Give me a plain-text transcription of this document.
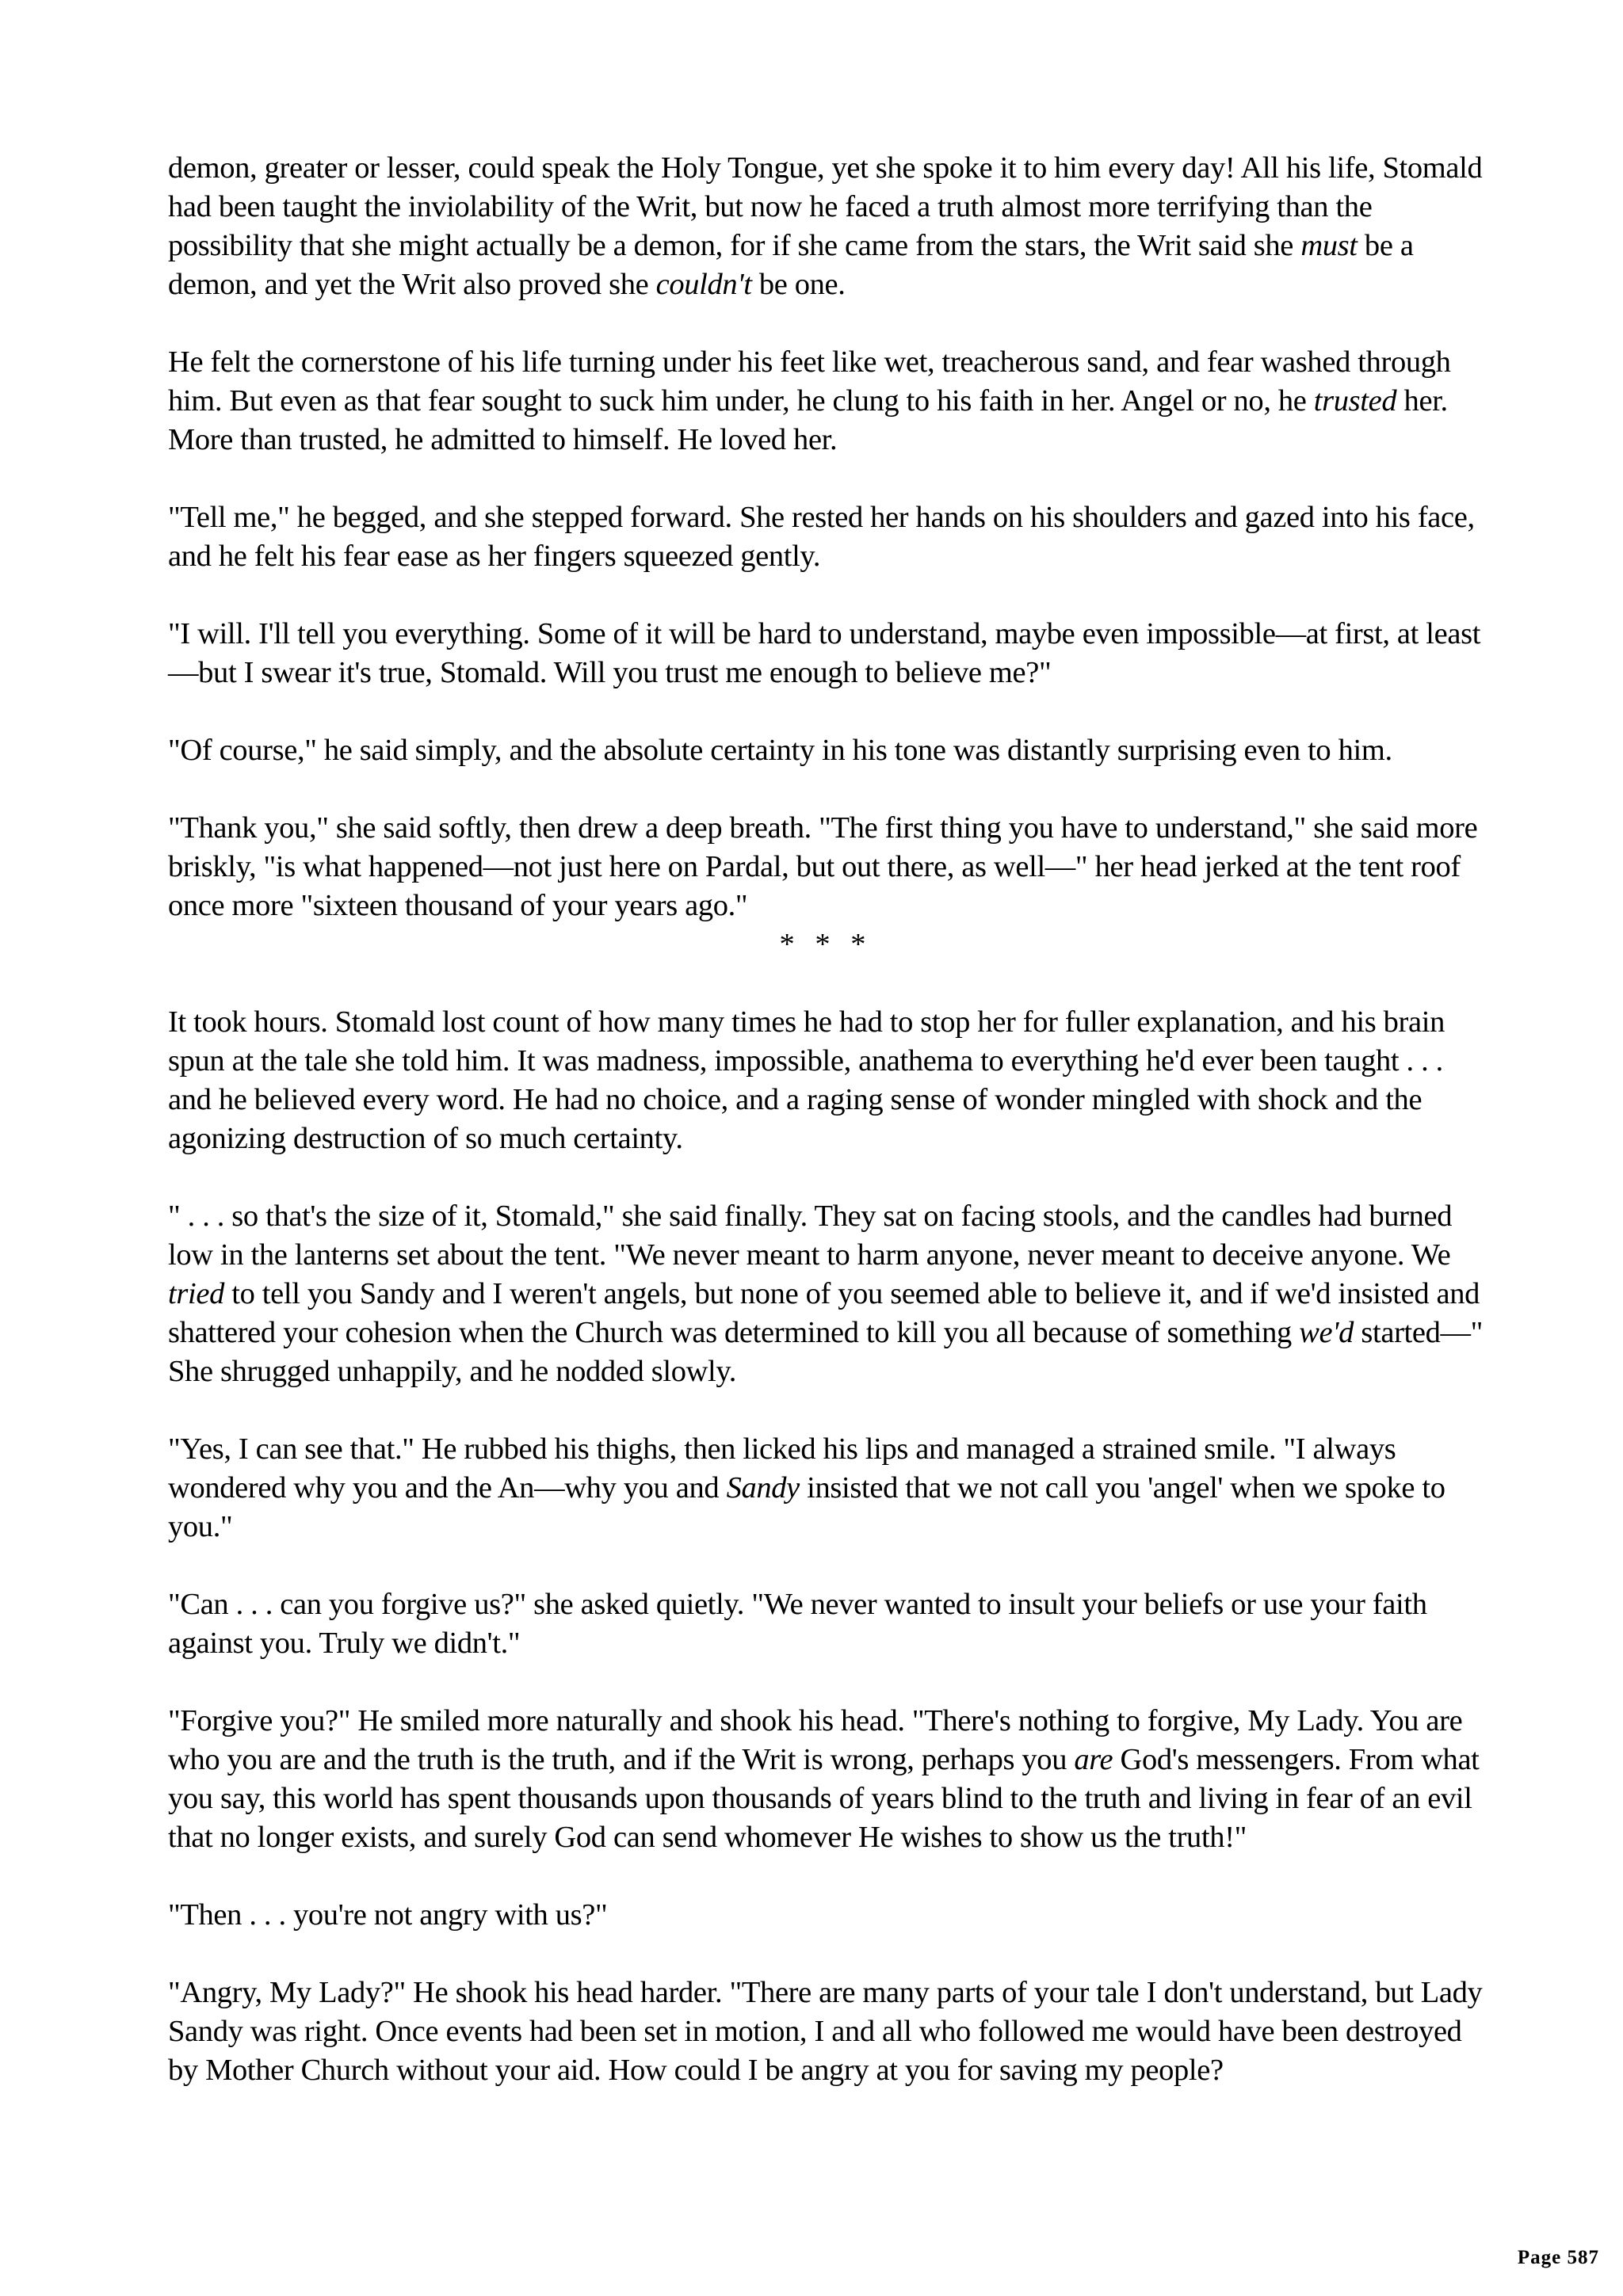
demon, greater or lesser, could speak the Holy Tongue, yet she spoke it to him every day! All his life, Stomald had been taught the inviolability of the Writ, but now he faced a truth almost more terrifying than the possibility that she might actually be a demon, for if she came from the stars, the Writ said she must be a demon, and yet the Writ also proved she couldn't be one.

He felt the cornerstone of his life turning under his feet like wet, treacherous sand, and fear washed through him. But even as that fear sought to suck him under, he clung to his faith in her. Angel or no, he trusted her. More than trusted, he admitted to himself. He loved her.

"Tell me," he begged, and she stepped forward. She rested her hands on his shoulders and gazed into his face, and he felt his fear ease as her fingers squeezed gently.

"I will. I'll tell you everything. Some of it will be hard to understand, maybe even impossible—at first, at least—but I swear it's true, Stomald. Will you trust me enough to believe me?"

"Of course," he said simply, and the absolute certainty in his tone was distantly surprising even to him.

"Thank you," she said softly, then drew a deep breath. "The first thing you have to understand," she said more briskly, "is what happened—not just here on Pardal, but out there, as well—" her head jerked at the tent roof once more "sixteen thousand of your years ago."

* * *

It took hours. Stomald lost count of how many times he had to stop her for fuller explanation, and his brain spun at the tale she told him. It was madness, impossible, anathema to everything he'd ever been taught . . . and he believed every word. He had no choice, and a raging sense of wonder mingled with shock and the agonizing destruction of so much certainty.

" . . . so that's the size of it, Stomald," she said finally. They sat on facing stools, and the candles had burned low in the lanterns set about the tent. "We never meant to harm anyone, never meant to deceive anyone. We tried to tell you Sandy and I weren't angels, but none of you seemed able to believe it, and if we'd insisted and shattered your cohesion when the Church was determined to kill you all because of something we'd started—" She shrugged unhappily, and he nodded slowly.

"Yes, I can see that." He rubbed his thighs, then licked his lips and managed a strained smile. "I always wondered why you and the An—why you and Sandy insisted that we not call you 'angel' when we spoke to you."

"Can . . . can you forgive us?" she asked quietly. "We never wanted to insult your beliefs or use your faith against you. Truly we didn't."

"Forgive you?" He smiled more naturally and shook his head. "There's nothing to forgive, My Lady. You are who you are and the truth is the truth, and if the Writ is wrong, perhaps you are God's messengers. From what you say, this world has spent thousands upon thousands of years blind to the truth and living in fear of an evil that no longer exists, and surely God can send whomever He wishes to show us the truth!"

"Then . . . you're not angry with us?"

"Angry, My Lady?" He shook his head harder. "There are many parts of your tale I don't understand, but Lady Sandy was right. Once events had been set in motion, I and all who followed me would have been destroyed by Mother Church without your aid. How could I be angry at you for saving my people?

Page 587
